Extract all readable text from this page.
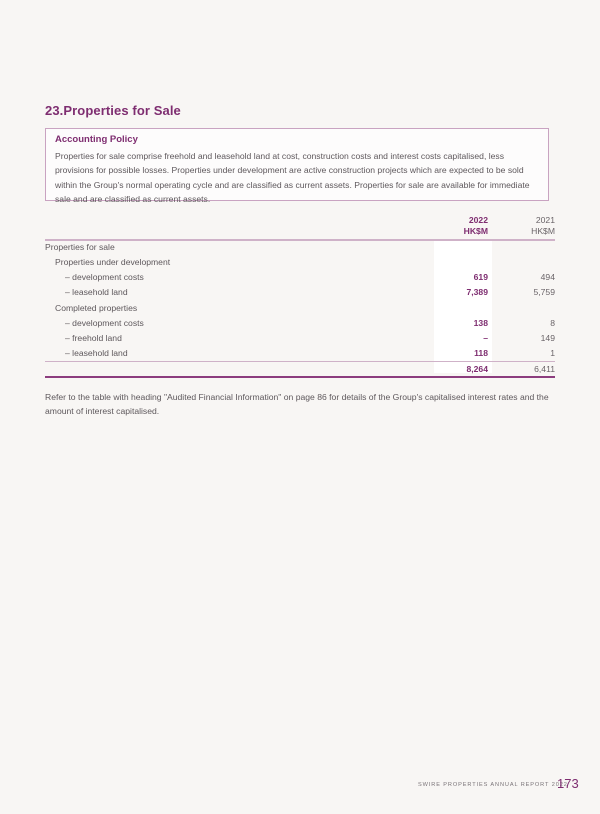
23.Properties for Sale
Accounting Policy
Properties for sale comprise freehold and leasehold land at cost, construction costs and interest costs capitalised, less provisions for possible losses. Properties under development are active construction projects which are expected to be sold within the Group's normal operating cycle and are classified as current assets. Properties for sale are available for immediate sale and are classified as current assets.
2022
HK$M
2021
HK$M
Properties for sale
Properties under development
– development costs	619	494
– leasehold land	7,389	5,759
Completed properties
– development costs	138	8
– freehold land	–	149
– leasehold land	118	1
8,264	6,411
Refer to the table with heading "Audited Financial Information" on page 86 for details of the Group's capitalised interest rates and the amount of interest capitalised.
SWIRE PROPERTIES ANNUAL REPORT 2022
173
